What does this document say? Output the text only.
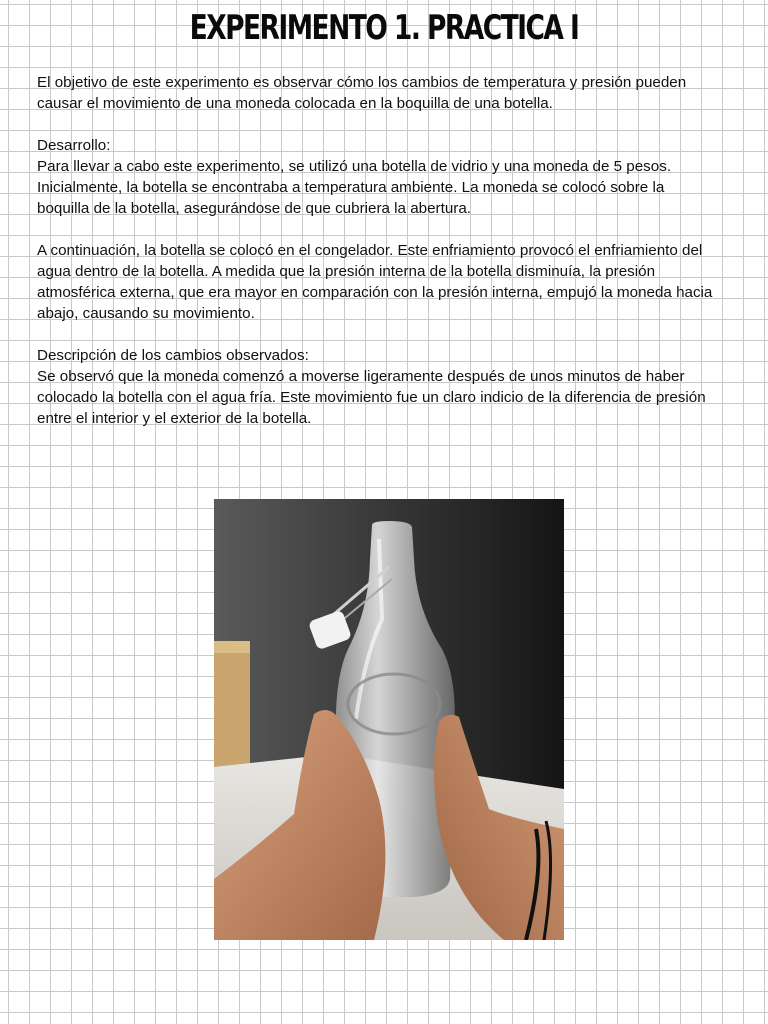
EXPERIMENTO 1. PRACTICA I

El objetivo de este experimento es observar cómo los cambios de temperatura y presión pueden causar el movimiento de una moneda colocada en la boquilla de una botella.

Desarrollo:
Para llevar a cabo este experimento, se utilizó una botella de vidrio y una moneda de 5 pesos. Inicialmente, la botella se encontraba a temperatura ambiente. La moneda se colocó sobre la boquilla de la botella, asegurándose de que cubriera la abertura.

A continuación, la botella se colocó en el congelador. Este enfriamiento provocó el enfriamiento del agua dentro de la botella. A medida que la presión interna de la botella disminuía, la presión atmosférica externa, que era mayor en comparación con la presión interna, empujó la moneda hacia abajo, causando su movimiento.

Descripción de los cambios observados:
Se observó que la moneda comenzó a moverse ligeramente después de unos minutos de haber colocado la botella con el agua fría. Este movimiento fue un claro indicio de la diferencia de presión entre el interior y el exterior de la botella.
